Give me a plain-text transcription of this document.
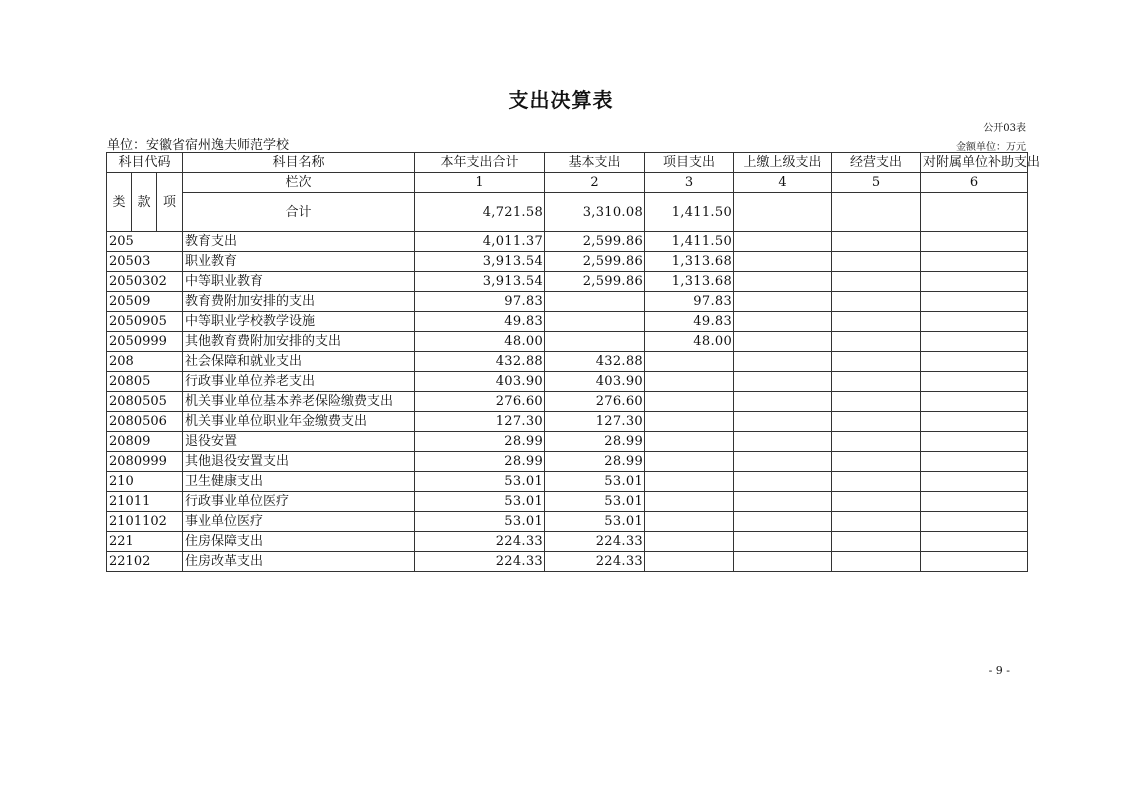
支出决算表
公开03表
单位：安徽省宿州逸夫师范学校	金额单位：万元
科目代码			科目名称	本年支出合计	基本支出	项目支出	上缴上级支出	经营支出	对附属单位补助支出
类	款	项	栏次	1	2	3	4	5	6
			合计	4,721.58	3,310.08	1,411.50			
205			教育支出	4,011.37	2,599.86	1,411.50			
20503			职业教育	3,913.54	2,599.86	1,313.68			
2050302			中等职业教育	3,913.54	2,599.86	1,313.68			
20509			教育费附加安排的支出	97.83		97.83			
2050905			中等职业学校教学设施	49.83		49.83			
2050999			其他教育费附加安排的支出	48.00		48.00			
208			社会保障和就业支出	432.88	432.88				
20805			行政事业单位养老支出	403.90	403.90				
2080505			机关事业单位基本养老保险缴费支出	276.60	276.60				
2080506			机关事业单位职业年金缴费支出	127.30	127.30				
20809			退役安置	28.99	28.99				
2080999			其他退役安置支出	28.99	28.99				
210			卫生健康支出	53.01	53.01				
21011			行政事业单位医疗	53.01	53.01				
2101102			事业单位医疗	53.01	53.01				
221			住房保障支出	224.33	224.33				
22102			住房改革支出	224.33	224.33				
- 9 -
